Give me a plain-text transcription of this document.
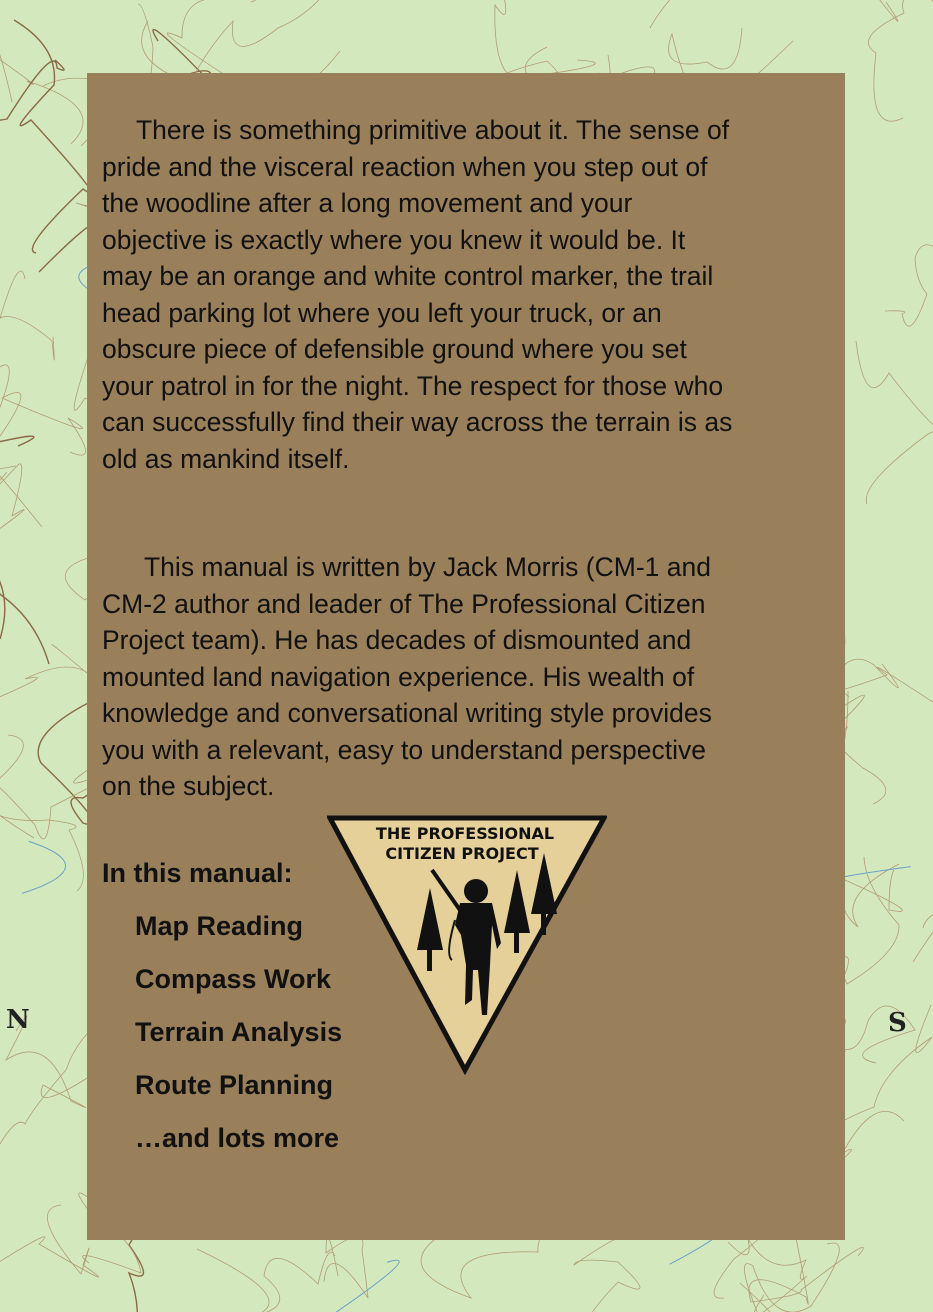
N	S
There is something primitive about it. The sense of
pride and the visceral reaction when you step out of
the woodline after a long movement and your
objective is exactly where you knew it would be. It
may be an orange and white control marker, the trail
head parking lot where you left your truck, or an
obscure piece of defensible ground where you set
your patrol in for the night. The respect for those who
can successfully find their way across the terrain is as
old as mankind itself.
This manual is written by Jack Morris (CM-1 and
CM-2 author and leader of The Professional Citizen
Project team). He has decades of dismounted and
mounted land navigation experience. His wealth of
knowledge and conversational writing style provides
you with a relevant, easy to understand perspective
on the subject.
In this manual:
Map Reading
Compass Work
Terrain Analysis
Route Planning
…and lots more
THE PROFESSIONAL
CITIZEN PROJECT
